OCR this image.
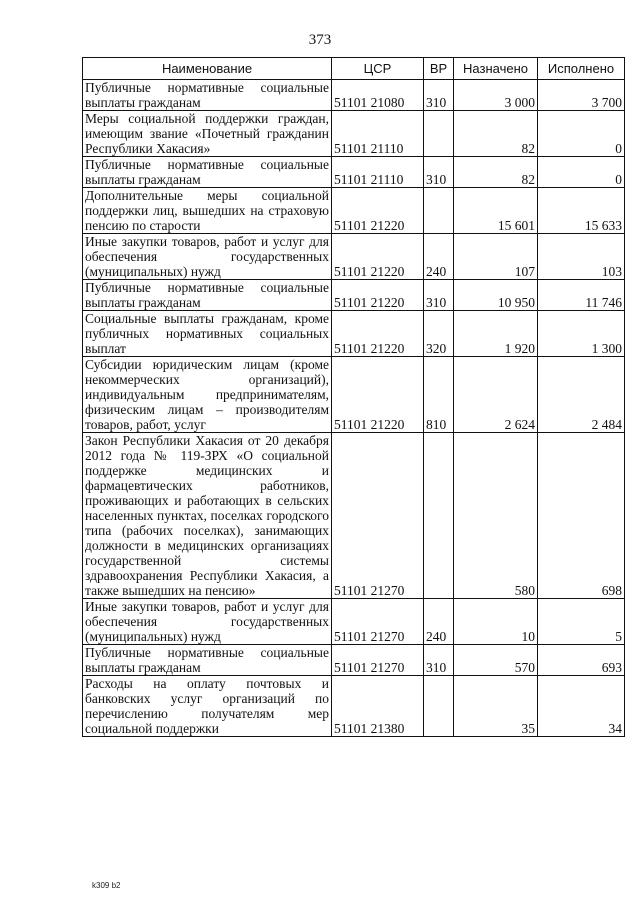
373
Наименование	ЦСР	ВР	Назначено	Исполнено
Публичные нормативные социальные выплаты гражданам	51101 21080	310	3 000	3 700
Меры социальной поддержки граждан, имеющим звание «Почетный гражданин Республики Хакасия»	51101 21110		82	0
Публичные нормативные социальные выплаты гражданам	51101 21110	310	82	0
Дополнительные меры социальной поддержки лиц, вышедших на страховую пенсию по старости	51101 21220		15 601	15 633
Иные закупки товаров, работ и услуг для обеспечения государственных (муниципальных) нужд	51101 21220	240	107	103
Публичные нормативные социальные выплаты гражданам	51101 21220	310	10 950	11 746
Социальные выплаты гражданам, кроме публичных нормативных социальных выплат	51101 21220	320	1 920	1 300
Субсидии юридическим лицам (кроме некоммерческих организаций), индивидуальным предпринимателям, физическим лицам – производителям товаров, работ, услуг	51101 21220	810	2 624	2 484
Закон Республики Хакасия от 20 декабря 2012 года № 119-ЗРХ «О социальной поддержке медицинских и фармацевтических работников, проживающих и работающих в сельских населенных пунктах, поселках городского типа (рабочих поселках), занимающих должности в медицинских организациях государственной системы здравоохранения Республики Хакасия, а также вышедших на пенсию»	51101 21270		580	698
Иные закупки товаров, работ и услуг для обеспечения государственных (муниципальных) нужд	51101 21270	240	10	5
Публичные нормативные социальные выплаты гражданам	51101 21270	310	570	693
Расходы на оплату почтовых и банковских услуг организаций по перечислению получателям мер социальной поддержки	51101 21380		35	34
k309 b2
